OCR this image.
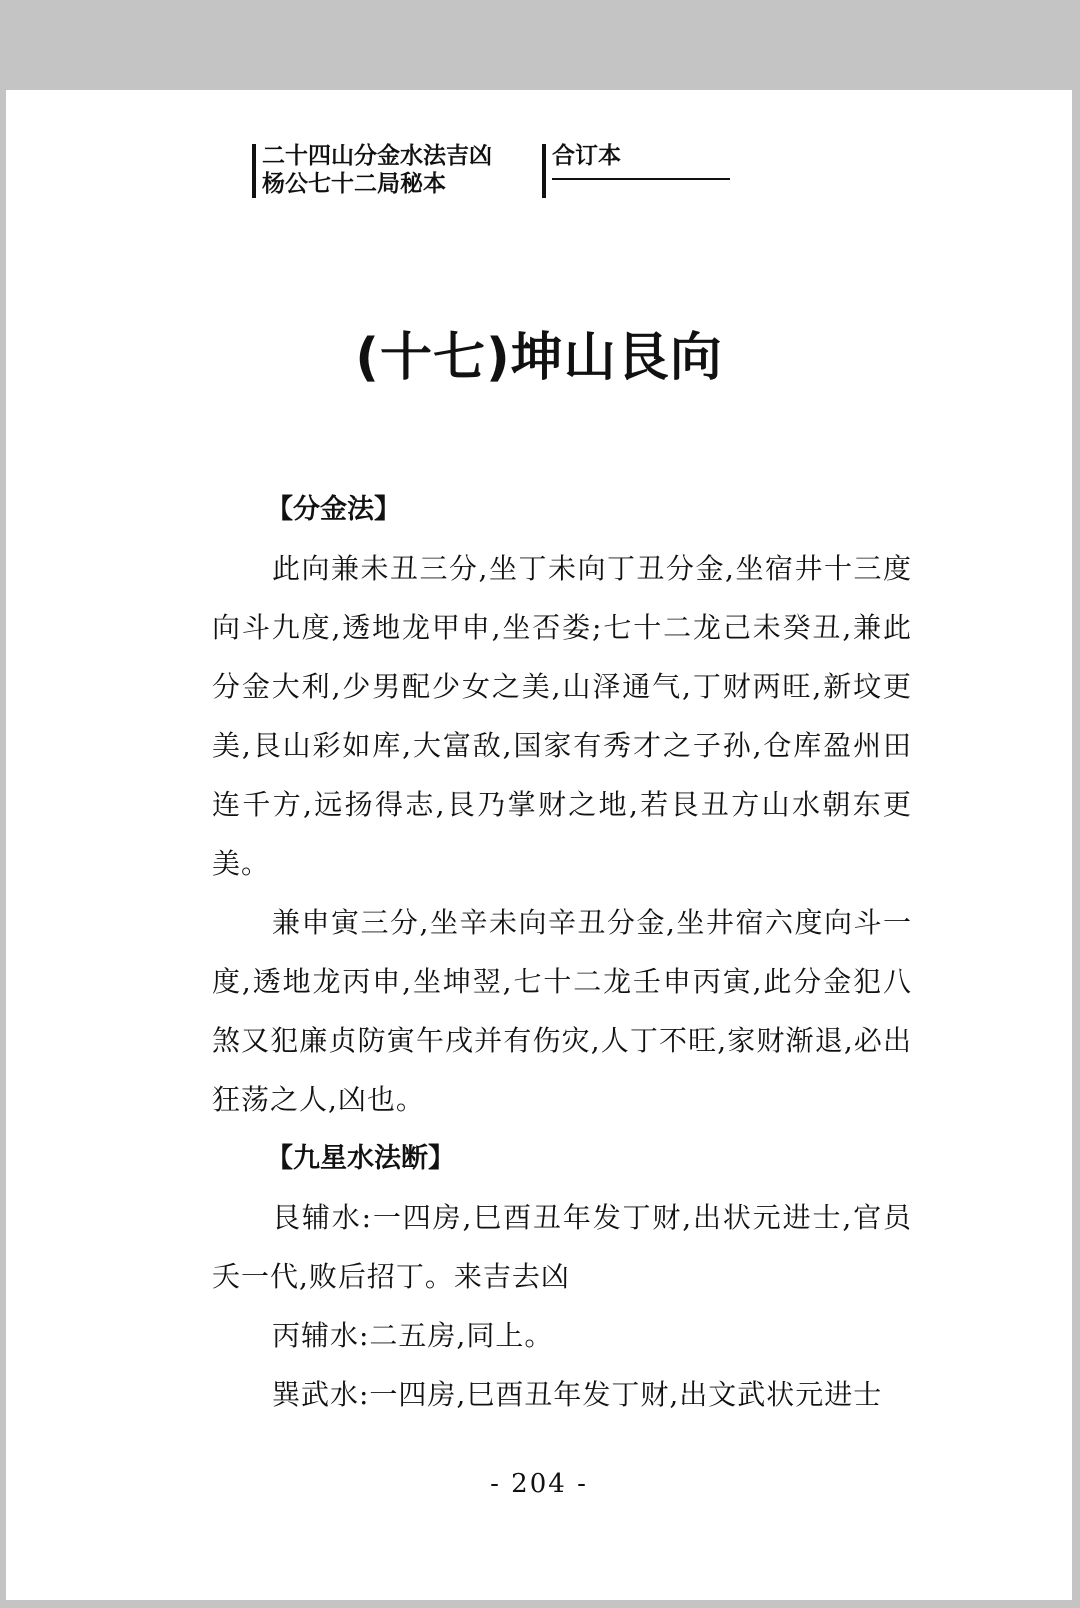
二十四山分金水法吉凶
杨公七十二局秘本
合订本
(十七)坤山艮向
【分金法】

此向兼未丑三分,坐丁未向丁丑分金,坐宿井十三度向斗九度,透地龙甲申,坐否娄;七十二龙己未癸丑,兼此分金大利,少男配少女之美,山泽通气,丁财两旺,新坟更美,艮山彩如库,大富敌,国家有秀才之子孙,仓库盈州田连千方,远扬得志,艮乃掌财之地,若艮丑方山水朝东更美。

兼申寅三分,坐辛未向辛丑分金,坐井宿六度向斗一度,透地龙丙申,坐坤翌,七十二龙壬申丙寅,此分金犯八煞又犯廉贞防寅午戌并有伤灾,人丁不旺,家财渐退,必出狂荡之人,凶也。

【九星水法断】

艮辅水:一四房,巳酉丑年发丁财,出状元进士,官员夭一代,败后招丁。来吉去凶

丙辅水:二五房,同上。

巽武水:一四房,巳酉丑年发丁财,出文武状元进士

- 204 -
